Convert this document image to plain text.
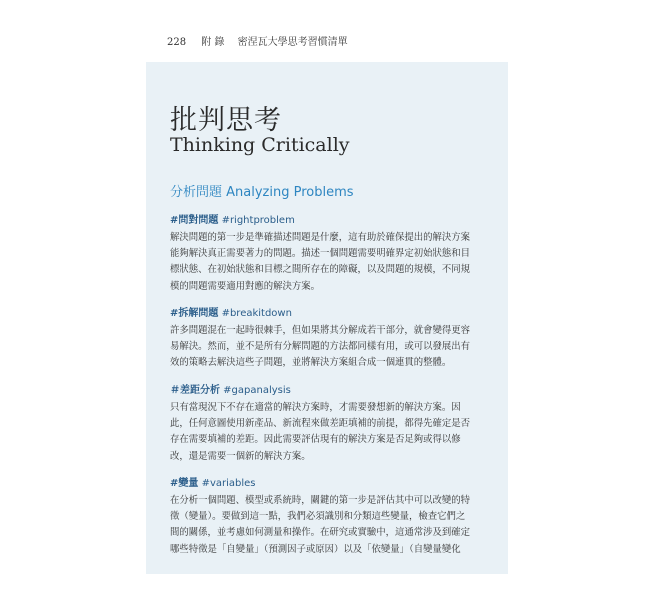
228 附 錄 密涅瓦大學思考習慣清單
批判思考
Thinking Critically
分析問題 Analyzing Problems
#問對問題 #rightproblem
解決問題的第一步是準確描述問題是什麼，這有助於確保提出的解決方案
能夠解決真正需要著力的問題。描述一個問題需要明確界定初始狀態和目
標狀態、在初始狀態和目標之間所存在的障礙，以及問題的規模，不同規
模的問題需要適用對應的解決方案。
#拆解問題 #breakitdown
許多問題混在一起時很棘手，但如果將其分解成若干部分，就會變得更容
易解決。然而，並不是所有分解問題的方法都同樣有用，或可以發展出有
效的策略去解決這些子問題，並將解決方案組合成一個連貫的整體。
＃差距分析 #gapanalysis
只有當現況下不存在適當的解決方案時，才需要發想新的解決方案。因
此，任何意圖使用新產品、新流程來做差距填補的前提，都得先確定是否
存在需要填補的差距。因此需要評估現有的解決方案是否足夠或得以修
改，還是需要一個新的解決方案。
#變量 #variables
在分析一個問題、模型或系統時，關鍵的第一步是評估其中可以改變的特
徵（變量）。要做到這一點，我們必須識別和分類這些變量，檢查它們之
間的關係，並考慮如何測量和操作。在研究或實驗中，這通常涉及到確定
哪些特徵是「自變量」（預測因子或原因）以及「依變量」（自變量變化
